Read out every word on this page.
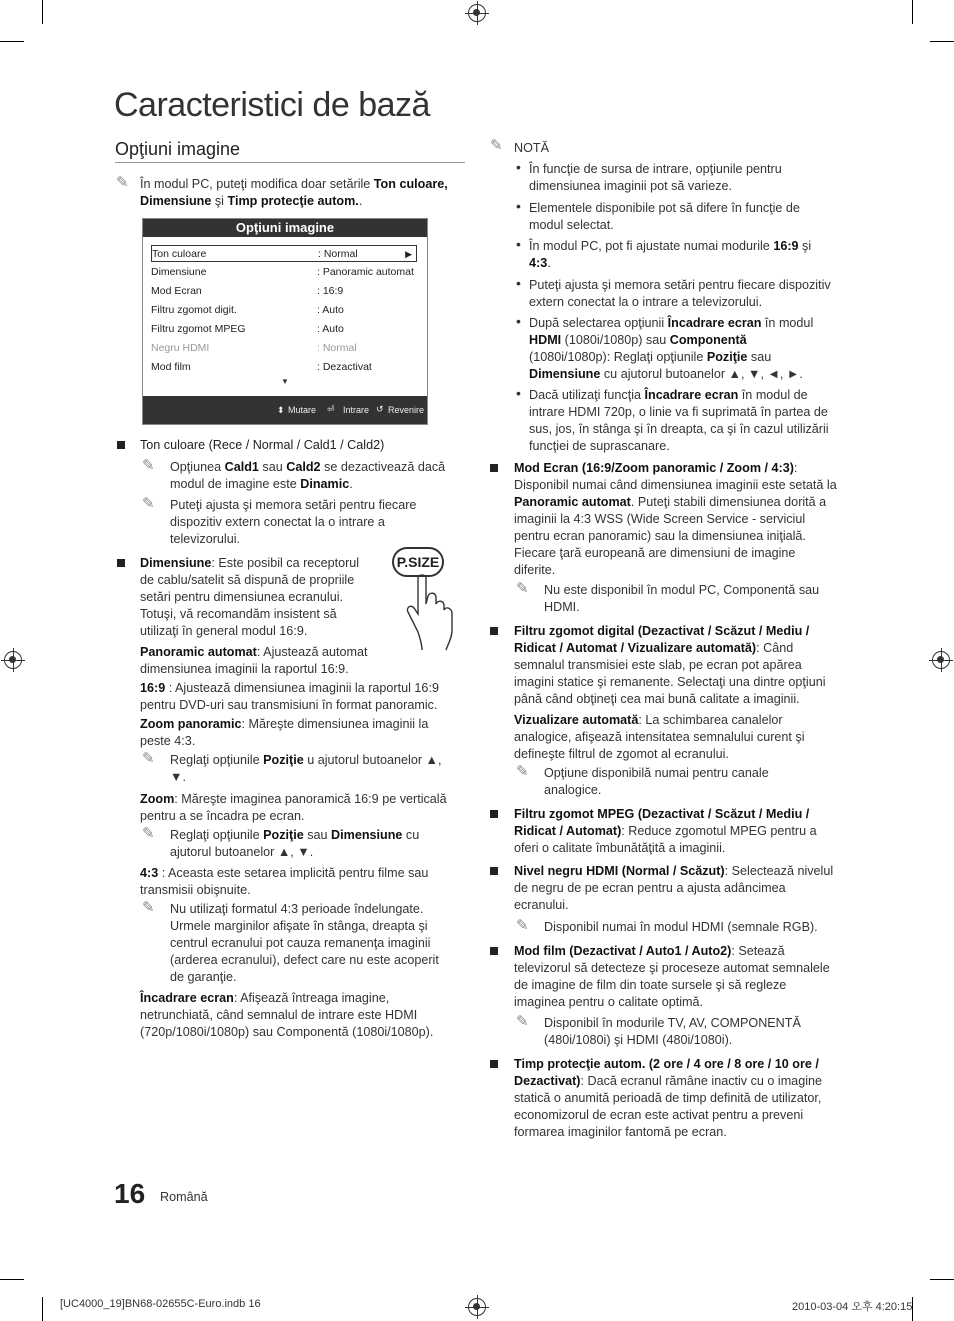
Caracteristici de bază
Opţiuni imagine
✎ În modul PC, puteţi modifica doar setările Ton culoare, Dimensiune şi Timp protecţie autom..
Opţiuni imagine
Ton culoare	: Normal	▶
Dimensiune	: Panoramic automat
Mod Ecran	: 16:9
Filtru zgomot digit.	: Auto
Filtru zgomot MPEG	: Auto
Negru HDMI	: Normal
Mod film	: Dezactivat
▼
⬍ Mutare ⏎ Intrare ↺ Revenire
Ton culoare (Rece / Normal / Cald1 / Cald2)
✎ Opţiunea Cald1 sau Cald2 se dezactivează dacă modul de imagine este Dinamic.
✎ Puteţi ajusta şi memora setări pentru fiecare dispozitiv extern conectat la o intrare a televizorului.
Dimensiune: Este posibil ca receptorul de cablu/satelit să dispună de propriile setări pentru dimensiunea ecranului. Totuşi, vă recomandăm insistent să utilizaţi în general modul 16:9.
P.SIZE
Panoramic automat: Ajustează automat dimensiunea imaginii la raportul 16:9.
16:9 : Ajustează dimensiunea imaginii la raportul 16:9 pentru DVD-uri sau transmisiuni în format panoramic.
Zoom panoramic: Măreşte dimensiunea imaginii la peste 4:3.
✎ Reglaţi opţiunile Poziţie u ajutorul butoanelor ▲, ▼.
Zoom: Măreşte imaginea panoramică 16:9 pe verticală pentru a se încadra pe ecran.
✎ Reglaţi opţiunile Poziţie sau Dimensiune cu ajutorul butoanelor ▲, ▼.
4:3 : Aceasta este setarea implicită pentru filme sau transmisii obişnuite.
✎ Nu utilizaţi formatul 4:3 perioade îndelungate. Urmele marginilor afişate în stânga, dreapta şi centrul ecranului pot cauza remanenţa imaginii (arderea ecranului), defect care nu este acoperit de garanţie.
Încadrare ecran: Afişează întreaga imagine, netrunchiată, când semnalul de intrare este HDMI (720p/1080i/1080p) sau Componentă (1080i/1080p).
✎ NOTĂ
• În funcţie de sursa de intrare, opţiunile pentru dimensiunea imaginii pot să varieze.
• Elementele disponibile pot să difere în funcţie de modul selectat.
• În modul PC, pot fi ajustate numai modurile 16:9 şi 4:3.
• Puteţi ajusta şi memora setări pentru fiecare dispozitiv extern conectat la o intrare a televizorului.
• După selectarea opţiunii Încadrare ecran în modul HDMI (1080i/1080p) sau Componentă (1080i/1080p): Reglaţi opţiunile Poziţie sau Dimensiune cu ajutorul butoanelor ▲, ▼, ◄, ►.
• Dacă utilizaţi funcţia Încadrare ecran în modul de intrare HDMI 720p, o linie va fi suprimată în partea de sus, jos, în stânga şi în dreapta, ca şi în cazul utilizării funcţiei de suprascanare.
Mod Ecran (16:9/Zoom panoramic / Zoom / 4:3): Disponibil numai când dimensiunea imaginii este setată la Panoramic automat. Puteţi stabili dimensiunea dorită a imaginii la 4:3 WSS (Wide Screen Service - serviciul pentru ecran panoramic) sau la dimensiunea iniţială. Fiecare ţară europeană are dimensiuni de imagine diferite.
✎ Nu este disponibil în modul PC, Componentă sau HDMI.
Filtru zgomot digital (Dezactivat / Scăzut / Mediu / Ridicat / Automat / Vizualizare automată): Când semnalul transmisiei este slab, pe ecran pot apărea imagini statice şi remanente. Selectaţi una dintre opţiuni până când obţineţi cea mai bună calitate a imaginii.
Vizualizare automată: La schimbarea canalelor analogice, afişează intensitatea semnalului curent şi defineşte filtrul de zgomot al ecranului.
✎ Opţiune disponibilă numai pentru canale analogice.
Filtru zgomot MPEG (Dezactivat / Scăzut / Mediu / Ridicat / Automat): Reduce zgomotul MPEG pentru a oferi o calitate îmbunătăţită a imaginii.
Nivel negru HDMI (Normal / Scăzut): Selectează nivelul de negru de pe ecran pentru a ajusta adâncimea ecranului.
✎ Disponibil numai în modul HDMI (semnale RGB).
Mod film (Dezactivat / Auto1 / Auto2): Setează televizorul să detecteze şi proceseze automat semnalele de imagine de film din toate sursele şi să regleze imaginea pentru o calitate optimă.
✎ Disponibil în modurile TV, AV, COMPONENTĂ (480i/1080i) şi HDMI (480i/1080i).
Timp protecţie autom. (2 ore / 4 ore / 8 ore / 10 ore / Dezactivat): Dacă ecranul rămâne inactiv cu o imagine statică o anumită perioadă de timp definită de utilizator, economizorul de ecran este activat pentru a preveni formarea imaginilor fantomă pe ecran.
16 Română
[UC4000_19]BN68-02655C-Euro.indb 16	2010-03-04 오후 4:20:15
